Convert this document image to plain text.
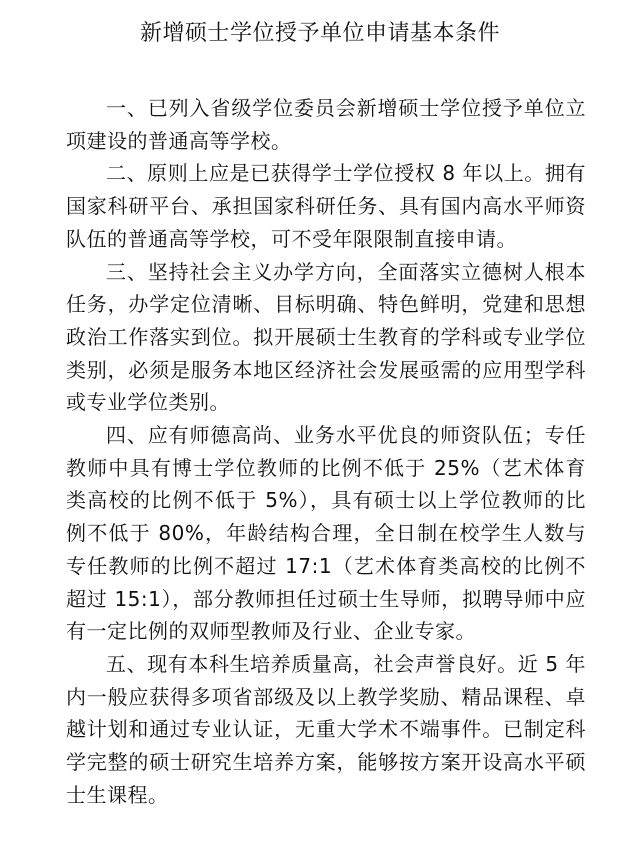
新增硕士学位授予单位申请基本条件

一、已列入省级学位委员会新增硕士学位授予单位立项建设的普通高等学校。

二、原则上应是已获得学士学位授权 8 年以上。拥有国家科研平台、承担国家科研任务、具有国内高水平师资队伍的普通高等学校，可不受年限限制直接申请。

三、坚持社会主义办学方向，全面落实立德树人根本任务，办学定位清晰、目标明确、特色鲜明，党建和思想政治工作落实到位。拟开展硕士生教育的学科或专业学位类别，必须是服务本地区经济社会发展亟需的应用型学科或专业学位类别。

四、应有师德高尚、业务水平优良的师资队伍；专任教师中具有博士学位教师的比例不低于 25%（艺术体育类高校的比例不低于 5%），具有硕士以上学位教师的比例不低于 80%，年龄结构合理，全日制在校学生人数与专任教师的比例不超过 17:1（艺术体育类高校的比例不超过 15:1），部分教师担任过硕士生导师，拟聘导师中应有一定比例的双师型教师及行业、企业专家。

五、现有本科生培养质量高，社会声誉良好。近 5 年内一般应获得多项省部级及以上教学奖励、精品课程、卓越计划和通过专业认证，无重大学术不端事件。已制定科学完整的硕士研究生培养方案，能够按方案开设高水平硕士生课程。
